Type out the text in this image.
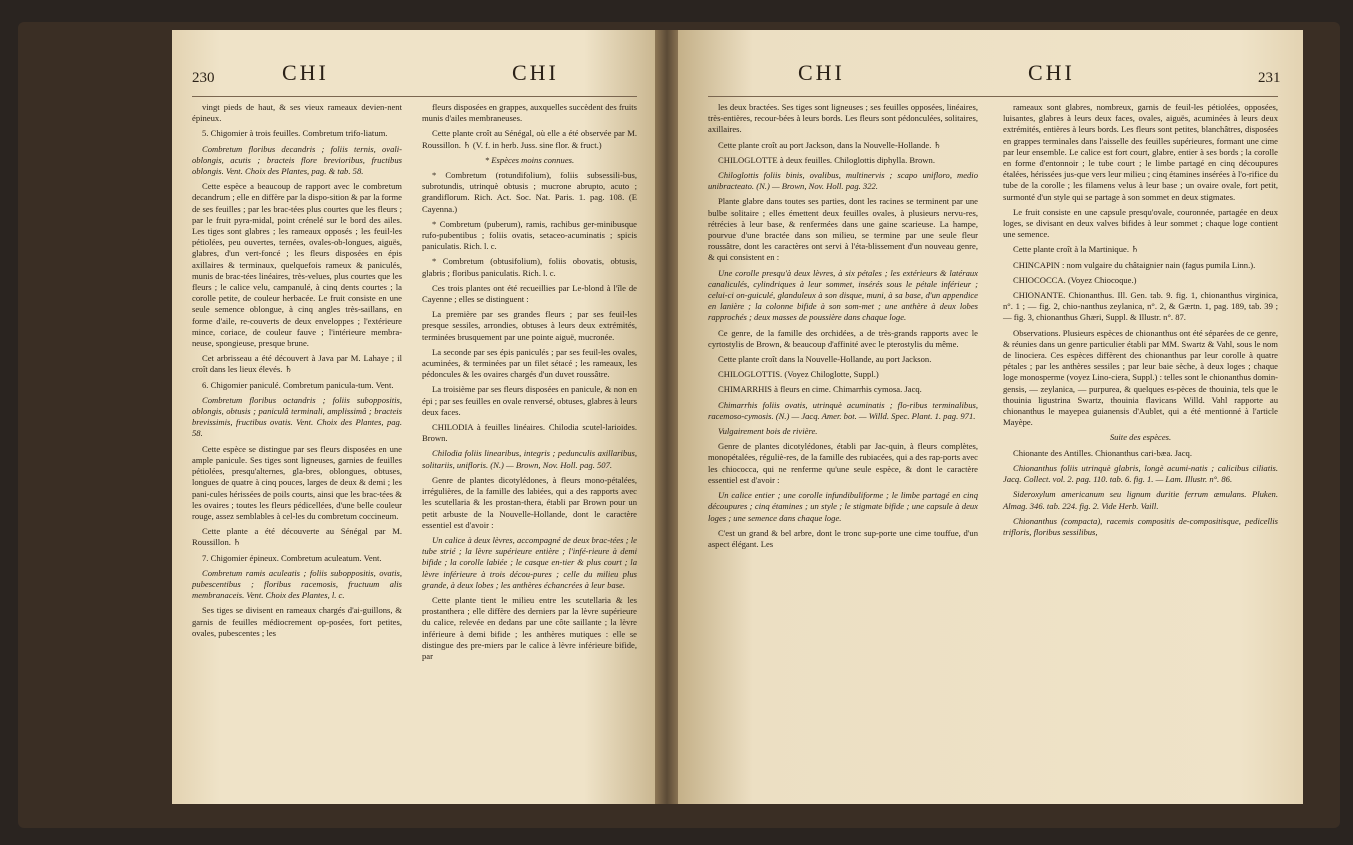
230	CHI	CHI

vingt pieds de haut, & ses vieux rameaux devien-nent épineux.

5. Chigomier à trois feuilles. Combretum trifo-liatum.

Combretum floribus decandris ; foliis ternis, ovali-oblongis, acutis ; bracteis flore brevioribus, fructibus oblongis. Vent. Choix des Plantes, pag. & tab. 58.

Cette espèce a beaucoup de rapport avec le combretum decandrum ; elle en diffère par la dispo-sition & par la forme de ses feuilles ; par les brac-tées plus courtes que les fleurs ; par le fruit pyra-midal, point crénelé sur le bord des ailes. Les tiges sont glabres ; les rameaux opposés ; les feuil-les pétiolées, peu ouvertes, ternées, ovales-ob-longues, aiguës, glabres, d'un vert-foncé ; les fleurs disposées en épis axillaires & terminaux, quelquefois rameux & paniculés, munis de brac-tées linéaires, très-velues, plus courtes que les fleurs ; le calice velu, campanulé, à cinq dents courtes ; la corolle petite, de couleur herbacée. Le fruit consiste en une seule semence oblongue, à cinq angles très-saillans, en forme d'aile, re-couverts de deux enveloppes ; l'extérieure mince, coriace, de couleur fauve ; l'intérieure membra-neuse, spongieuse, presque brune.

Cet arbrisseau a été découvert à Java par M. Lahaye ; il croît dans les lieux élevés. ♄

6. Chigomier paniculé. Combretum panicula-tum. Vent.

Combretum floribus octandris ; foliis suboppositis, oblongis, obtusis ; paniculâ terminali, amplissimâ ; bracteis brevissimis, fructibus ovatis. Vent. Choix des Plantes, pag. 58.

Cette espèce se distingue par ses fleurs disposées en une ample panicule. Ses tiges sont ligneuses, garnies de feuilles pétiolées, presqu'alternes, gla-bres, oblongues, obtuses, longues de quatre à cinq pouces, larges de deux & demi ; les pani-cules hérissées de poils courts, ainsi que les brac-tées & les ovaires ; toutes les fleurs pédicellées, d'une belle couleur rouge, assez semblables à cel-les du combretum coccineum.

Cette plante a été découverte au Sénégal par M. Roussillon. ♄

7. Chigomier épineux. Combretum aculeatum. Vent.

Combretum ramis aculeatis ; foliis suboppositis, ovatis, pubescentibus ; floribus racemosis, fructuum alis membranaceis. Vent. Choix des Plantes, l. c.

Ses tiges se divisent en rameaux chargés d'ai-guillons, & garnis de feuilles médiocrement op-posées, fort petites, ovales, pubescentes ; les

fleurs disposées en grappes, auxquelles succèdent des fruits munis d'ailes membraneuses.

Cette plante croît au Sénégal, où elle a été observée par M. Roussillon. ♄ (V. f. in herb. Juss. sine flor. & fruct.)

* Espèces moins connues.

* Combretum (rotundifolium), foliis subsessili-bus, subrotundis, utrinquè obtusis ; mucrone abrupto, acuto ; grandiflorum. Rich. Act. Soc. Nat. Paris. 1. pag. 108. (E Cayenna.)

* Combretum (puberum), ramis, rachibus ger-minibusque rufo-pubentibus ; foliis ovatis, setaceo-acuminatis ; spicis paniculatis. Rich. l. c.

* Combretum (obtusifolium), foliis obovatis, obtusis, glabris ; floribus paniculatis. Rich. l. c.

Ces trois plantes ont été recueillies par Le-blond à l'île de Cayenne ; elles se distinguent :

La première par ses grandes fleurs ; par ses feuil-les presque sessiles, arrondies, obtuses à leurs deux extrémités, terminées brusquement par une pointe aiguë, mucronée.

La seconde par ses épis paniculés ; par ses feuil-les ovales, acuminées, & terminées par un filet sétacé ; les rameaux, les pédoncules & les ovaires chargés d'un duvet roussâtre.

La troisième par ses fleurs disposées en panicule, & non en épi ; par ses feuilles en ovale renversé, obtuses, glabres à leurs deux faces.

CHILODIA à feuilles linéaires. Chilodia scutel-larioides. Brown.

Chilodia foliis linearibus, integris ; pedunculis axillaribus, solitariis, unifloris. (N.) — Brown, Nov. Holl. pag. 507.

Genre de plantes dicotylédones, à fleurs mono-pétalées, irrégulières, de la famille des labiées, qui a des rapports avec les scutellaria & les prostan-thera, établi par Brown pour un petit arbuste de la Nouvelle-Hollande, dont le caractère essentiel est d'avoir :

Un calice à deux lèvres, accompagné de deux brac-tées ; le tube strié ; la lèvre supérieure entière ; l'infé-rieure à demi bifide ; la corolle labiée ; le casque en-tier & plus court ; la lèvre inférieure à trois décou-pures ; celle du milieu plus grande, à deux lobes ; les anthères échancrées à leur base.

Cette plante tient le milieu entre les scutellaria & les prostanthera ; elle diffère des derniers par la lèvre supérieure du calice, relevée en dedans par une côte saillante ; la lèvre inférieure à demi bifide ; les anthères mutiques : elle se distingue des pre-miers par le calice à lèvre inférieure bifide, par

CHI	CHI	231

les deux bractées. Ses tiges sont ligneuses ; ses feuilles opposées, linéaires, très-entières, recour-bées à leurs bords. Les fleurs sont pédonculées, solitaires, axillaires.

Cette plante croît au port Jackson, dans la Nouvelle-Hollande. ♄

CHILOGLOTTE à deux feuilles. Chiloglottis diphylla. Brown.

Chiloglottis foliis binis, ovalibus, multinervis ; scapo unifloro, medio unibracteato. (N.) — Brown, Nov. Holl. pag. 322.

Plante glabre dans toutes ses parties, dont les racines se terminent par une bulbe solitaire ; elles émettent deux feuilles ovales, à plusieurs nervu-res, rétrécies à leur base, & renfermées dans une gaine scarieuse. La hampe, pourvue d'une bractée dans son milieu, se termine par une seule fleur roussâtre, dont les caractères ont servi à l'éta-blissement d'un nouveau genre, & qui consistent en :

Une corolle presqu'à deux lèvres, à six pétales ; les extérieurs & latéraux canaliculés, cylindriques à leur sommet, insérés sous le pétale inférieur ; celui-ci on-guiculé, glanduleux à son disque, muni, à sa base, d'un appendice en lanière ; la colonne bifide à son som-met ; une anthère à deux lobes rapprochés ; deux masses de poussière dans chaque loge.

Ce genre, de la famille des orchidées, a de très-grands rapports avec le cyrtostylis de Brown, & beaucoup d'affinité avec le pterostylis du même.

Cette plante croît dans la Nouvelle-Hollande, au port Jackson.

CHILOGLOTTIS. (Voyez Chiloglotte, Suppl.)

CHIMARRHIS à fleurs en cime. Chimarrhis cymosa. Jacq.

Chimarrhis foliis ovatis, utrinquè acuminatis ; flo-ribus terminalibus, racemoso-cymosis. (N.) — Jacq. Amer. bot. — Willd. Spec. Plant. 1. pag. 971.

Vulgairement bois de rivière.

Genre de plantes dicotylédones, établi par Jac-quin, à fleurs complètes, monopétalées, réguliè-res, de la famille des rubiacées, qui a des rap-ports avec les chiococca, qui ne renferme qu'une seule espèce, & dont le caractère essentiel est d'avoir :

Un calice entier ; une corolle infundibuliforme ; le limbe partagé en cinq découpures ; cinq étamines ; un style ; le stigmate bifide ; une capsule à deux loges ; une semence dans chaque loge.

C'est un grand & bel arbre, dont le tronc sup-porte une cime touffue, d'un aspect élégant. Les

rameaux sont glabres, nombreux, garnis de feuil-les pétiolées, opposées, luisantes, glabres à leurs deux faces, ovales, aiguës, acuminées à leurs deux extrémités, entières à leurs bords. Les fleurs sont petites, blanchâtres, disposées en grappes terminales dans l'aisselle des feuilles supérieures, formant une cime par leur ensemble. Le calice est fort court, glabre, entier à ses bords ; la corolle en forme d'entonnoir ; le tube court ; le limbe partagé en cinq découpures étalées, hérissées jus-que vers leur milieu ; cinq étamines insérées à l'o-rifice du tube de la corolle ; les filamens velus à leur base ; un ovaire ovale, fort petit, surmonté d'un style qui se partage à son sommet en deux stigmates.

Le fruit consiste en une capsule presqu'ovale, couronnée, partagée en deux loges, se divisant en deux valves bifides à leur sommet ; chaque loge contient une semence.

Cette plante croît à la Martinique. ♄

CHINCAPIN : nom vulgaire du châtaignier nain (fagus pumila Linn.).

CHIOCOCCA. (Voyez Chiocoque.)

CHIONANTE. Chionanthus. Ill. Gen. tab. 9. fig. 1, chionanthus virginica, n°. 1 ; — fig. 2, chio-nanthus zeylanica, n°. 2, & Gærtn. 1, pag. 189, tab. 39 ; — fig. 3, chionanthus Ghæri, Suppl. & Illustr. n°. 87.

Observations. Plusieurs espèces de chionanthus ont été séparées de ce genre, & réunies dans un genre particulier établi par MM. Swartz & Vahl, sous le nom de linociera. Ces espèces diffèrent des chionanthus par leur corolle à quatre pétales ; par les anthères sessiles ; par leur baie sèche, à deux loges ; chaque loge monosperme (voyez Lino-ciera, Suppl.) : telles sont le chionanthus domin-gensis, — zeylanica, — purpurea, & quelques es-pèces de thouinia, tels que le thouinia ligustrina Swartz, thouinia flavicans Willd. Vahl rapporte au chionanthus le mayepea guianensis d'Aublet, qui a été mentionné à l'article Mayèpe.

Suite des espèces.

Chionante des Antilles. Chionanthus cari-bæa. Jacq.

Chionanthus foliis utrinquè glabris, longè acumi-natis ; calicibus ciliatis. Jacq. Collect. vol. 2. pag. 110. tab. 6. fig. 1. — Lam. Illustr. n°. 86.

Sideroxylum americanum seu lignum duritie ferrum æmulans. Pluken. Almag. 346. tab. 224. fig. 2. Vide Herb. Vaill.

Chionanthus (compacta), racemis compositis de-compositisque, pedicellis trifloris, floribus sessilibus,
